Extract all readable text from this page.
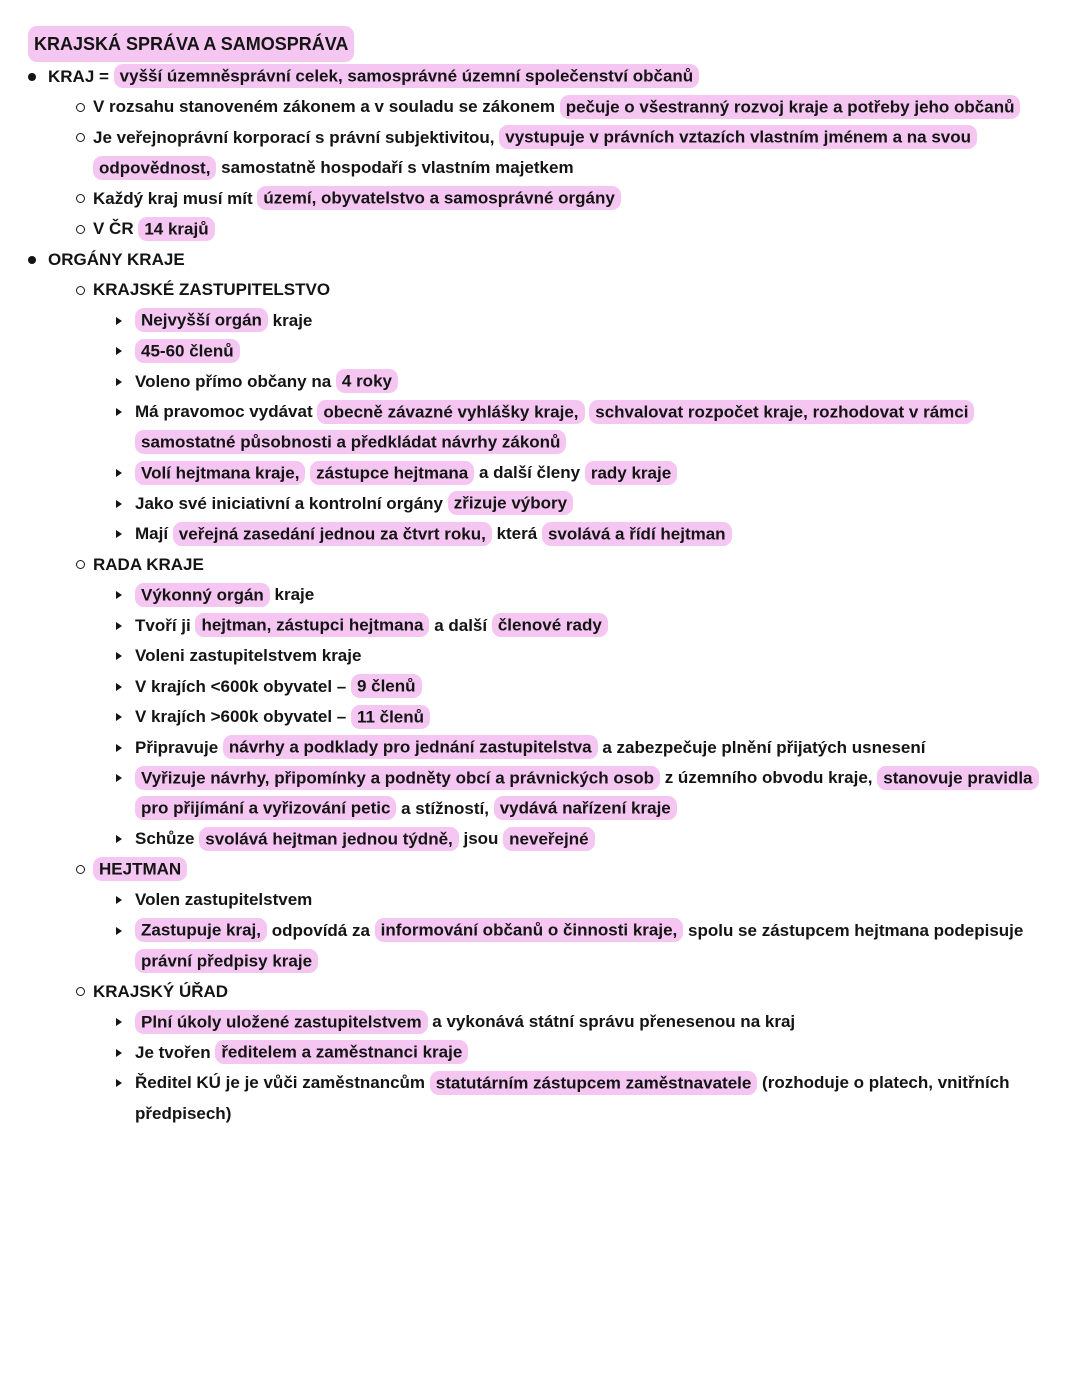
KRAJSKÁ SPRÁVA A SAMOSPRÁVA
KRAJ = vyšší územněsprávní celek, samosprávné územní společenství občanů
V rozsahu stanoveném zákonem a v souladu se zákonem pečuje o všestranný rozvoj kraje a potřeby jeho občanů
Je veřejnoprávní korporací s právní subjektivitou, vystupuje v právních vztazích vlastním jménem a na svou odpovědnost, samostatně hospodaří s vlastním majetkem
Každý kraj musí mít území, obyvatelstvo a samosprávné orgány
V ČR 14 krajů
ORGÁNY KRAJE
KRAJSKÉ ZASTUPITELSTVO
Nejvyšší orgán kraje
45-60 členů
Voleno přímo občany na 4 roky
Má pravomoc vydávat obecně závazné vyhlášky kraje, schvalovat rozpočet kraje, rozhodovat v rámci samostatné působnosti a předkládat návrhy zákonů
Volí hejtmana kraje, zástupce hejtmana a další členy rady kraje
Jako své iniciativní a kontrolní orgány zřizuje výbory
Mají veřejná zasedání jednou za čtvrt roku, která svolává a řídí hejtman
RADA KRAJE
Výkonný orgán kraje
Tvoří ji hejtman, zástupci hejtmana a další členové rady
Voleni zastupitelstvem kraje
V krajích <600k obyvatel – 9 členů
V krajích >600k obyvatel – 11 členů
Připravuje návrhy a podklady pro jednání zastupitelstva a zabezpečuje plnění přijatých usnesení
Vyřizuje návrhy, připomínky a podněty obcí a právnických osob z územního obvodu kraje, stanovuje pravidla pro přijímání a vyřizování petic a stížností, vydává nařízení kraje
Schůze svolává hejtman jednou týdně, jsou neveřejné
HEJTMAN
Volen zastupitelstvem
Zastupuje kraj, odpovídá za informování občanů o činnosti kraje, spolu se zástupcem hejtmana podepisuje právní předpisy kraje
KRAJSKÝ ÚŘAD
Plní úkoly uložené zastupitelstvem a vykonává státní správu přenesenou na kraj
Je tvořen ředitelem a zaměstnanci kraje
Ředitel KÚ je je vůči zaměstnancům statutárním zástupcem zaměstnavatele (rozhoduje o platech, vnitřních předpisech)
